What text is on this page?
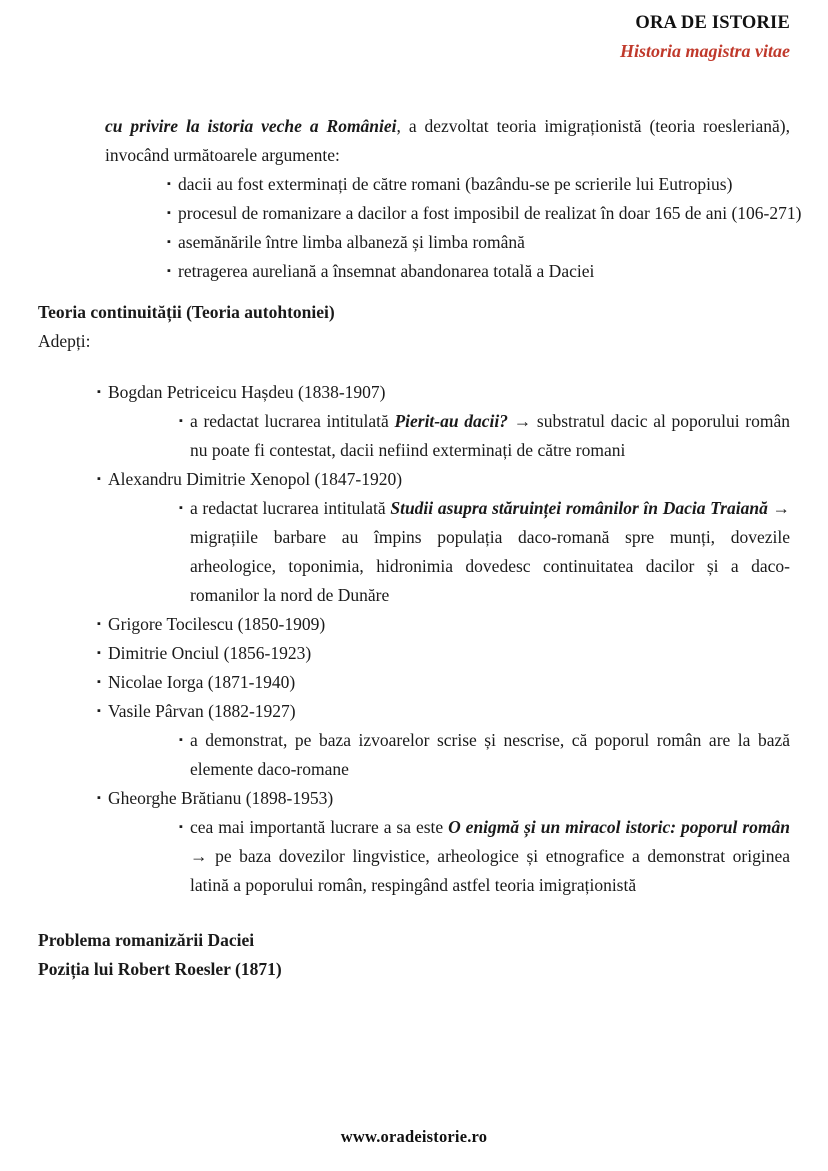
ORA DE ISTORIE
Historia magistra vitae

cu privire la istoria veche a României, a dezvoltat teoria imigraționistă (teoria roesleriană), invocând următoarele argumente:

▪ dacii au fost exterminați de către romani (bazându-se pe scrierile lui Eutropius)
▪ procesul de romanizare a dacilor a fost imposibil de realizat în doar 165 de ani (106-271)
▪ asemănările între limba albaneză și limba română
▪ retragerea aureliană a însemnat abandonarea totală a Daciei

Teoria continuității (Teoria autohtoniei)

Adepți:

▪ Bogdan Petriceicu Hașdeu (1838-1907)
▪ a redactat lucrarea intitulată Pierit-au dacii? → substratul dacic al poporului român nu poate fi contestat, dacii nefiind exterminați de către romani
▪ Alexandru Dimitrie Xenopol (1847-1920)
▪ a redactat lucrarea intitulată Studii asupra stăruinței românilor în Dacia Traiană → migrațiile barbare au împins populația daco-romană spre munți, dovezile arheologice, toponimia, hidronimia dovedesc continuitatea dacilor și a daco-romanilor la nord de Dunăre
▪ Grigore Tocilescu (1850-1909)
▪ Dimitrie Onciul (1856-1923)
▪ Nicolae Iorga (1871-1940)
▪ Vasile Pârvan (1882-1927)
▪ a demonstrat, pe baza izvoarelor scrise și nescrise, că poporul român are la bază elemente daco-romane
▪ Gheorghe Brătianu (1898-1953)
▪ cea mai importantă lucrare a sa este O enigmă și un miracol istoric: poporul român → pe baza dovezilor lingvistice, arheologice și etnografice a demonstrat originea latină a poporului român, respingând astfel teoria imigraționistă

Problema romanizării Daciei

Poziția lui Robert Roesler (1871)

www.oradeistorie.ro
